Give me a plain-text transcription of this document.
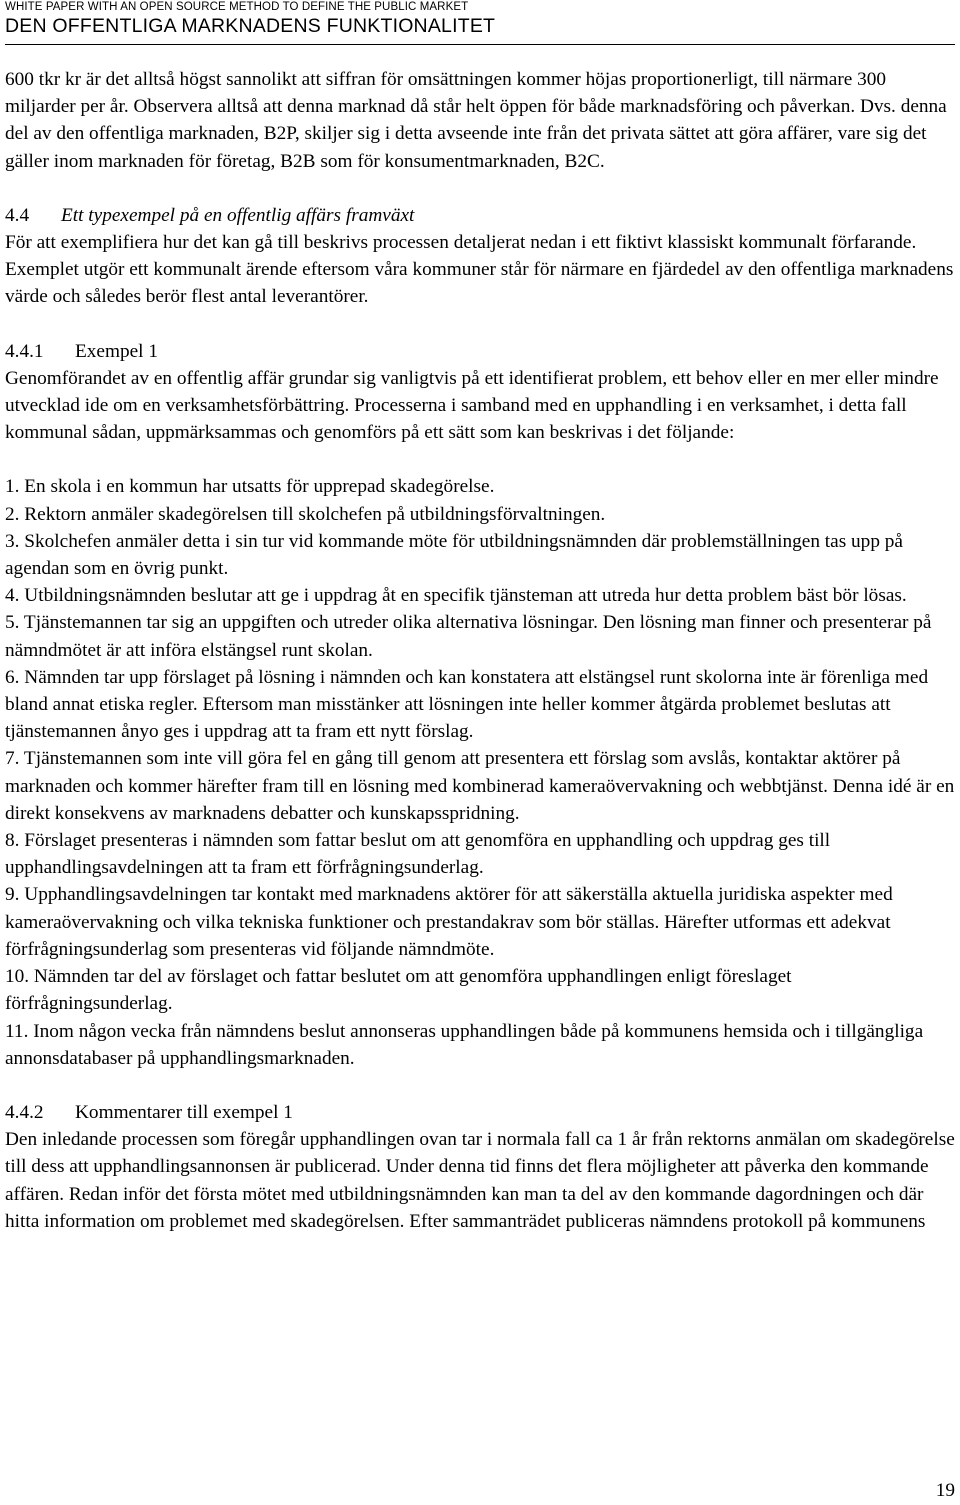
WHITE PAPER WITH AN OPEN SOURCE METHOD TO DEFINE THE PUBLIC MARKET
DEN OFFENTLIGA MARKNADENS FUNKTIONALITET

600 tkr kr är det alltså högst sannolikt att siffran för omsättningen kommer höjas proportionerligt, till närmare 300 miljarder per år. Observera alltså att denna marknad då står helt öppen för både marknadsföring och påverkan. Dvs. denna del av den offentliga marknaden, B2P, skiljer sig i detta avseende inte från det privata sättet att göra affärer, vare sig det gäller inom marknaden för företag, B2B som för konsumentmarknaden, B2C.

4.4 Ett typexempel på en offentlig affärs framväxt

För att exemplifiera hur det kan gå till beskrivs processen detaljerat nedan i ett fiktivt klassiskt kommunalt förfarande. Exemplet utgör ett kommunalt ärende eftersom våra kommuner står för närmare en fjärdedel av den offentliga marknadens värde och således berör flest antal leverantörer.

4.4.1 Exempel 1

Genomförandet av en offentlig affär grundar sig vanligtvis på ett identifierat problem, ett behov eller en mer eller mindre utvecklad ide om en verksamhetsförbättring. Processerna i samband med en upphandling i en verksamhet, i detta fall kommunal sådan, uppmärksammas och genomförs på ett sätt som kan beskrivas i det följande:

1. En skola i en kommun har utsatts för upprepad skadegörelse.

2. Rektorn anmäler skadegörelsen till skolchefen på utbildningsförvaltningen.

3. Skolchefen anmäler detta i sin tur vid kommande möte för utbildningsnämnden där problemställningen tas upp på agendan som en övrig punkt.

4. Utbildningsnämnden beslutar att ge i uppdrag åt en specifik tjänsteman att utreda hur detta problem bäst bör lösas.

5. Tjänstemannen tar sig an uppgiften och utreder olika alternativa lösningar. Den lösning man finner och presenterar på nämndmötet är att införa elstängsel runt skolan.

6. Nämnden tar upp förslaget på lösning i nämnden och kan konstatera att elstängsel runt skolorna inte är förenliga med bland annat etiska regler. Eftersom man misstänker att lösningen inte heller kommer åtgärda problemet beslutas att tjänstemannen ånyo ges i uppdrag att ta fram ett nytt förslag.

7. Tjänstemannen som inte vill göra fel en gång till genom att presentera ett förslag som avslås, kontaktar aktörer på marknaden och kommer härefter fram till en lösning med kombinerad kameraövervakning och webbtjänst. Denna idé är en direkt konsekvens av marknadens debatter och kunskapsspridning.

8. Förslaget presenteras i nämnden som fattar beslut om att genomföra en upphandling och uppdrag ges till upphandlingsavdelningen att ta fram ett förfrågningsunderlag.

9. Upphandlingsavdelningen tar kontakt med marknadens aktörer för att säkerställa aktuella juridiska aspekter med kameraövervakning och vilka tekniska funktioner och prestandakrav som bör ställas. Härefter utformas ett adekvat förfrågningsunderlag som presenteras vid följande nämndmöte.

10. Nämnden tar del av förslaget och fattar beslutet om att genomföra upphandlingen enligt föreslaget förfrågningsunderlag.

11. Inom någon vecka från nämndens beslut annonseras upphandlingen både på kommunens hemsida och i tillgängliga annonsdatabaser på upphandlingsmarknaden.

4.4.2 Kommentarer till exempel 1

Den inledande processen som föregår upphandlingen ovan tar i normala fall ca 1 år från rektorns anmälan om skadegörelse till dess att upphandlingsannonsen är publicerad. Under denna tid finns det flera möjligheter att påverka den kommande affären. Redan inför det första mötet med utbildningsnämnden kan man ta del av den kommande dagordningen och där hitta information om problemet med skadegörelsen. Efter sammanträdet publiceras nämndens protokoll på kommunens

19
